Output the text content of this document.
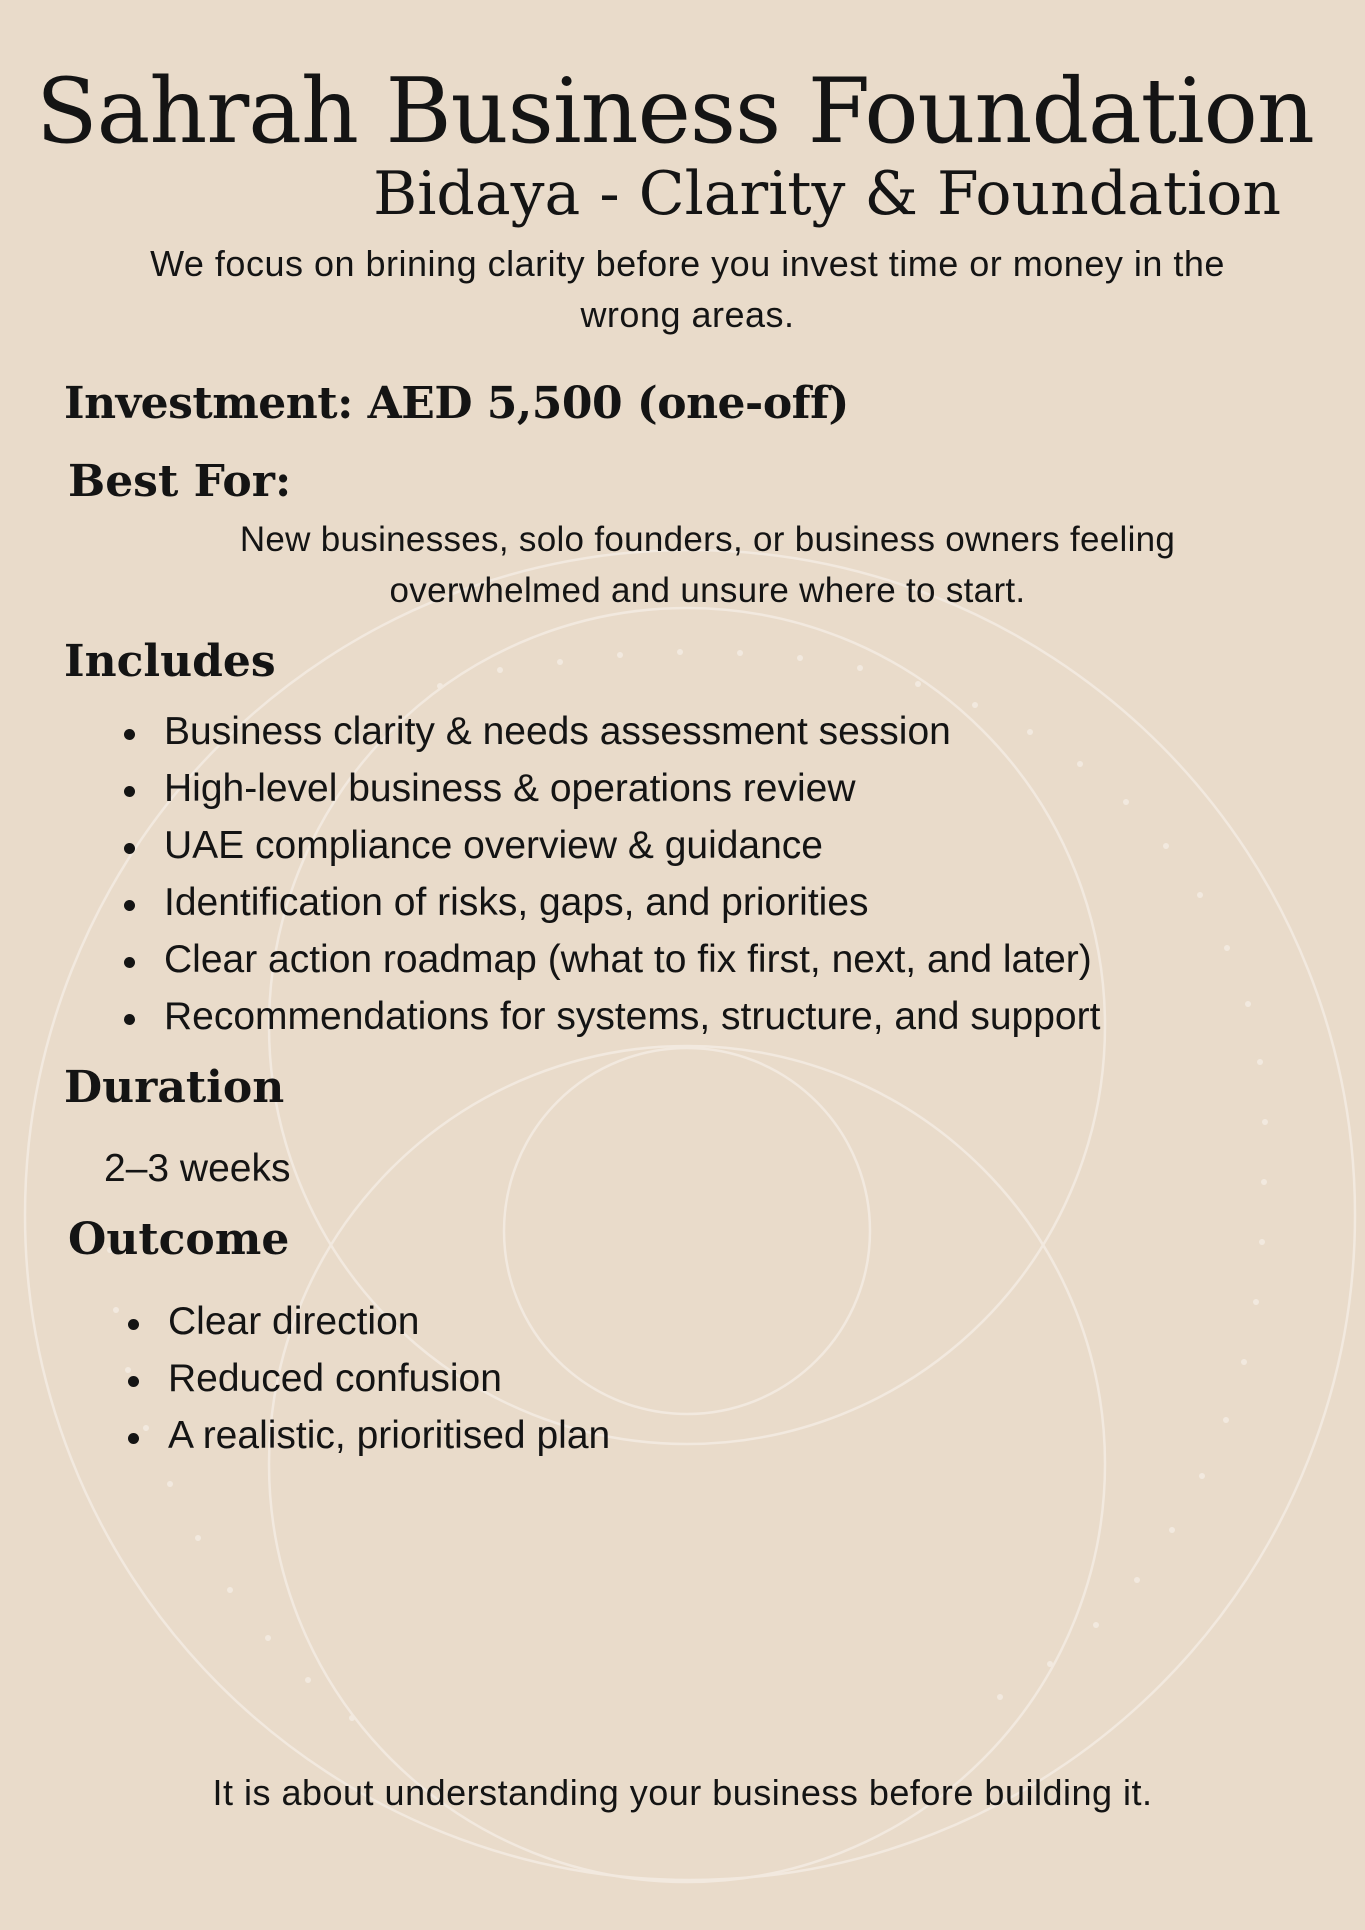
Sahrah Business Foundation
Bidaya - Clarity & Foundation

We focus on brining clarity before you invest time or money in the wrong areas.

Investment: AED 5,500 (one-off)
Best For:

New businesses, solo founders, or business owners feeling overwhelmed and unsure where to start.

Includes
Business clarity & needs assessment session
High-level business & operations review
UAE compliance overview & guidance
Identification of risks, gaps, and priorities
Clear action roadmap (what to fix first, next, and later)
Recommendations for systems, structure, and support
Duration

2–3 weeks

Outcome
Clear direction
Reduced confusion
A realistic, prioritised plan

It is about understanding your business before building it.
